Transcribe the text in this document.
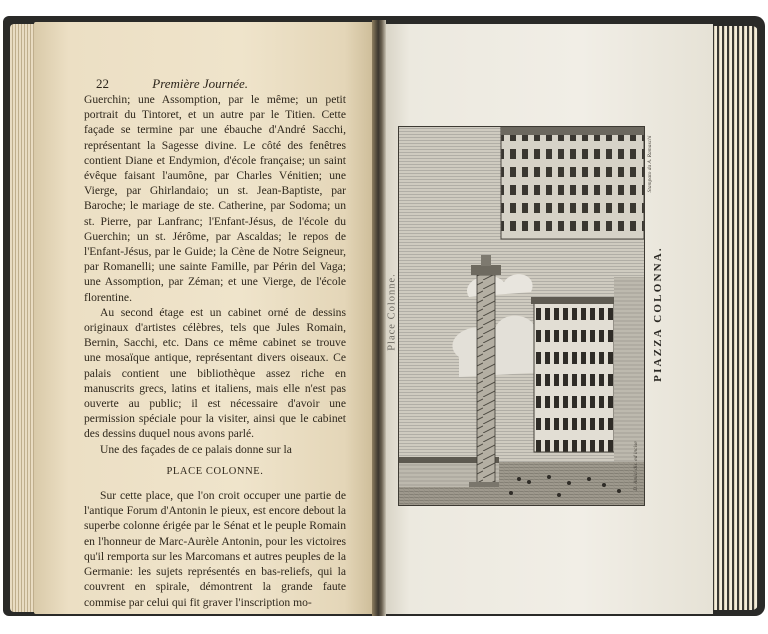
22	Première Journée.

Guerchin; une Assomption, par le même; un petit portrait du Tintoret, et un autre par le Titien. Cette façade se termine par une ébauche d'André Sacchi, représentant la Sagesse divine. Le côté des fenêtres contient Diane et Endymion, d'école française; un saint évêque faisant l'aumône, par Charles Vénitien; une Vierge, par Ghirlandaio; un st. Jean-Baptiste, par Baroche; le mariage de ste. Catherine, par Sodoma; un st. Pierre, par Lanfranc; l'Enfant-Jésus, de l'école du Guerchin; un st. Jérôme, par Ascaldas; le repos de l'Enfant-Jésus, par le Guide; la Cène de Notre Seigneur, par Romanelli; une sainte Famille, par Périn del Vaga; une Assomption, par Zéman; et une Vierge, de l'école florentine.

Au second étage est un cabinet orné de dessins originaux d'artistes célèbres, tels que Jules Romain, Bernin, Sacchi, etc. Dans ce même cabinet se trouve une mosaïque antique, représentant divers oiseaux. Ce palais contient une bibliothèque assez riche en manuscrits grecs, latins et italiens, mais elle n'est pas ouverte au public; il est nécessaire d'avoir une permission spéciale pour la visiter, ainsi que le cabinet des dessins duquel nous avons parlé.

Une des façades de ce palais donne sur la

PLACE COLONNE.

Sur cette place, que l'on croit occuper une partie de l'antique Forum d'Antonin le pieux, est encore debout la superbe colonne érigée par le Sénat et le peuple Romain en l'honneur de Marc-Aurèle Antonin, pour les victoires qu'il remporta sur les Marcomans et autres peuples de la Germanie: les sujets représentés en bas-reliefs, qui la couvrent en spirale, démontrent la grande faute commise par celui qui fit graver l'inscription mo-

Place Colonne.
D. Amici dis. ed incise
Stampato da A. Ramaschi
PIAZZA COLONNA.
